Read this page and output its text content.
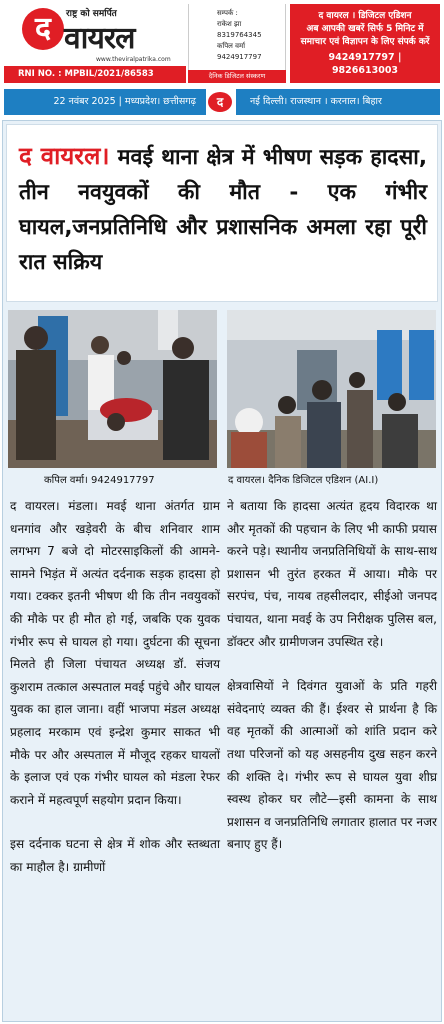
द	राष्ट्र को समर्पित
वायरल
www.theviralpatrika.com
RNI NO. : MPBIL/2021/86583
सम्पर्क :
राकेश झा
8319764345
कपिल वर्मा
9424917797
दैनिक डिजिटल संस्करण
द वायरल । डिजिटल एडिशन
अब आपकी खबरें सिर्फ 5 मिनिट में
समाचार एवं विज्ञापन के लिए संपर्क करें
9424917797 | 9826613003
22 नवंबर 2025 | मध्यप्रदेश। छत्तीसगढ़	द	नई दिल्ली। राजस्थान । करनाल। बिहार
द वायरल। मवई थाना क्षेत्र में भीषण सड़क हादसा, तीन नवयुवकों की मौत - एक गंभीर घायल,जनप्रतिनिधि और प्रशासनिक अमला रहा पूरी रात सक्रिय
कपिल वर्मा। 9424917797	द वायरल। दैनिक डिजिटल एडिशन (AI.I)

द वायरल। मंडला। मवई थाना अंतर्गत ग्राम धनगांव और खड़ेवरी के बीच शनिवार शाम लगभग 7 बजे दो मोटरसाइकिलों की आमने-सामने भिड़ंत में अत्यंत दर्दनाक सड़क हादसा हो गया। टक्कर इतनी भीषण थी कि तीन नवयुवकों की मौके पर ही मौत हो गई, जबकि एक युवक गंभीर रूप से घायल हो गया। दुर्घटना की सूचना मिलते ही जिला पंचायत अध्यक्ष डॉ. संजय कुशराम तत्काल अस्पताल मवई पहुंचे और घायल युवक का हाल जाना। वहीं भाजपा मंडल अध्यक्ष प्रहलाद मरकाम एवं इन्द्रेश कुमार साकत भी मौके पर और अस्पताल में मौजूद रहकर घायलों के इलाज एवं एक गंभीर घायल को मंडला रेफर कराने में महत्वपूर्ण सहयोग प्रदान किया।

इस दर्दनाक घटना से क्षेत्र में शोक और स्तब्धता का माहौल है। ग्रामीणों

ने बताया कि हादसा अत्यंत हृदय विदारक था और मृतकों की पहचान के लिए भी काफी प्रयास करने पड़े। स्थानीय जनप्रतिनिधियों के साथ-साथ प्रशासन भी तुरंत हरकत में आया। मौके पर सरपंच, पंच, नायब तहसीलदार, सीईओ जनपद पंचायत, थाना मवई के उप निरीक्षक पुलिस बल, डॉक्टर और ग्रामीणजन उपस्थित रहे।

क्षेत्रवासियों ने दिवंगत युवाओं के प्रति गहरी संवेदनाएं व्यक्त की हैं। ईश्वर से प्रार्थना है कि वह मृतकों की आत्माओं को शांति प्रदान करे तथा परिजनों को यह असहनीय दुख सहन करने की शक्ति दे। गंभीर रूप से घायल युवा शीघ्र स्वस्थ होकर घर लौटे—इसी कामना के साथ प्रशासन व जनप्रतिनिधि लगातार हालात पर नजर बनाए हुए हैं।
